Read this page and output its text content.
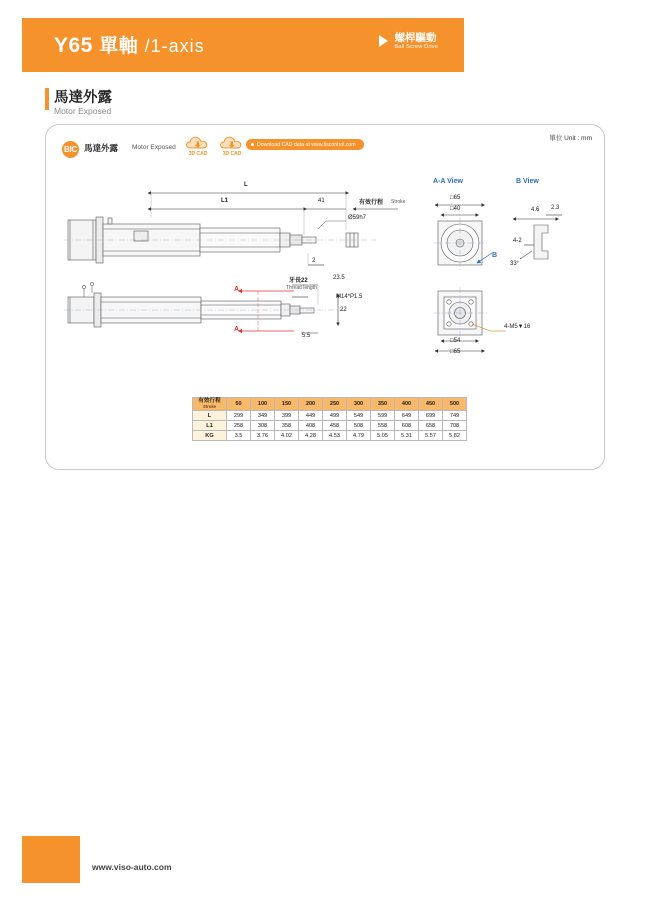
Y65 單軸 /1-axis	螺桿驅動
Ball Screw Drive
馬達外露
Motor Exposed
單位 Unit : mm
BIC 馬達外露 Motor Exposed
3D CAD	3D CAD
Download CAD data at www.tiscontrol.com
L
L1	41	有效行程 Stroke
Ø59h7
2
牙長22
Thread length
23.5
M14*P1.5
22
5.5
A
A
A-A View	B View
□65
□40
B
4.6 2.3
4-2
33°
□54
□65
4-M5▼16
有效行程
Stroke	50	100	150	200	250	300	350	400	450	500
L	299	349	399	449	499	549	599	649	699	749
L1	258	308	358	408	458	508	558	608	658	708
KG	3.5	3.76	4.02	4.28	4.53	4.79	5.05	5.31	5.57	5.82
www.viso-auto.com
